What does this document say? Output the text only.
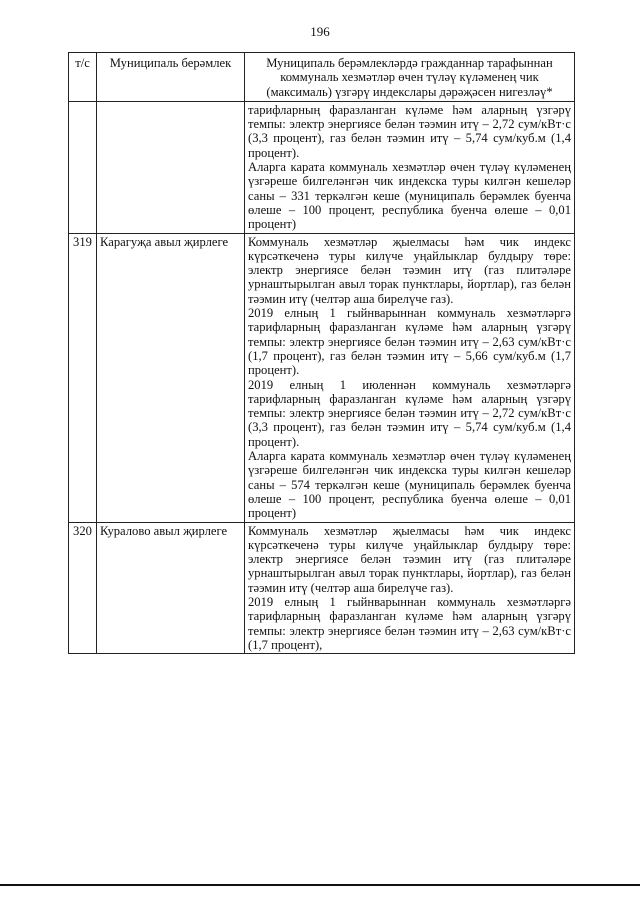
196
т/с	Муниципаль берәмлек	Муниципаль берәмлекләрдә гражданнар тарафыннан коммуналь хезмәтләр өчен түләү күләменең чик (максималь) үзгәрү индекслары дәрәҗәсен нигезләү*

		тарифларның фаразланган күләме һәм аларның үзгәрү темпы: электр энергиясе белән тәэмин итү – 2,72 сум/кВт·с (3,3 процент), газ белән тәэмин итү – 5,74 сум/куб.м (1,4 процент).

Аларга карата коммуналь хезмәтләр өчен түләү күләменең үзгәреше билгеләнгән чик индекска туры килгән кешеләр саны – 331 теркәлгән кеше (муниципаль берәмлек буенча өлеше – 100 процент, республика буенча өлеше – 0,01 процент)

319	Карагуҗа авыл җирлеге	Коммуналь хезмәтләр җыелмасы һәм чик индекс күрсәткеченә туры килүче уңайлыклар булдыру төре: электр энергиясе белән тәэмин итү (газ плитәләре урнаштырылган авыл торак пунктлары, йортлар), газ белән тәэмин итү (челтәр аша бирелүче газ).

2019 елның 1 гыйнварыннан коммуналь хезмәтләргә тарифларның фаразланган күләме һәм аларның үзгәрү темпы: электр энергиясе белән тәэмин итү – 2,63 сум/кВт·с (1,7 процент), газ белән тәэмин итү – 5,66 сум/куб.м (1,7 процент).

2019 елның 1 июленнән коммуналь хезмәтләргә тарифларның фаразланган күләме һәм аларның үзгәрү темпы: электр энергиясе белән тәэмин итү – 2,72 сум/кВт·с (3,3 процент), газ белән тәэмин итү – 5,74 сум/куб.м (1,4 процент).

Аларга карата коммуналь хезмәтләр өчен түләү күләменең үзгәреше билгеләнгән чик индекска туры килгән кешеләр саны – 574 теркәлгән кеше (муниципаль берәмлек буенча өлеше – 100 процент, республика буенча өлеше – 0,01 процент)

320	Куралово авыл җирлеге	Коммуналь хезмәтләр җыелмасы һәм чик индекс күрсәткеченә туры килүче уңайлыклар булдыру төре: электр энергиясе белән тәэмин итү (газ плитәләре урнаштырылган авыл торак пунктлары, йортлар), газ белән тәэмин итү (челтәр аша бирелүче газ).

2019 елның 1 гыйнварыннан коммуналь хезмәтләргә тарифларның фаразланган күләме һәм аларның үзгәрү темпы: электр энергиясе белән тәэмин итү – 2,63 сум/кВт·с (1,7 процент),
